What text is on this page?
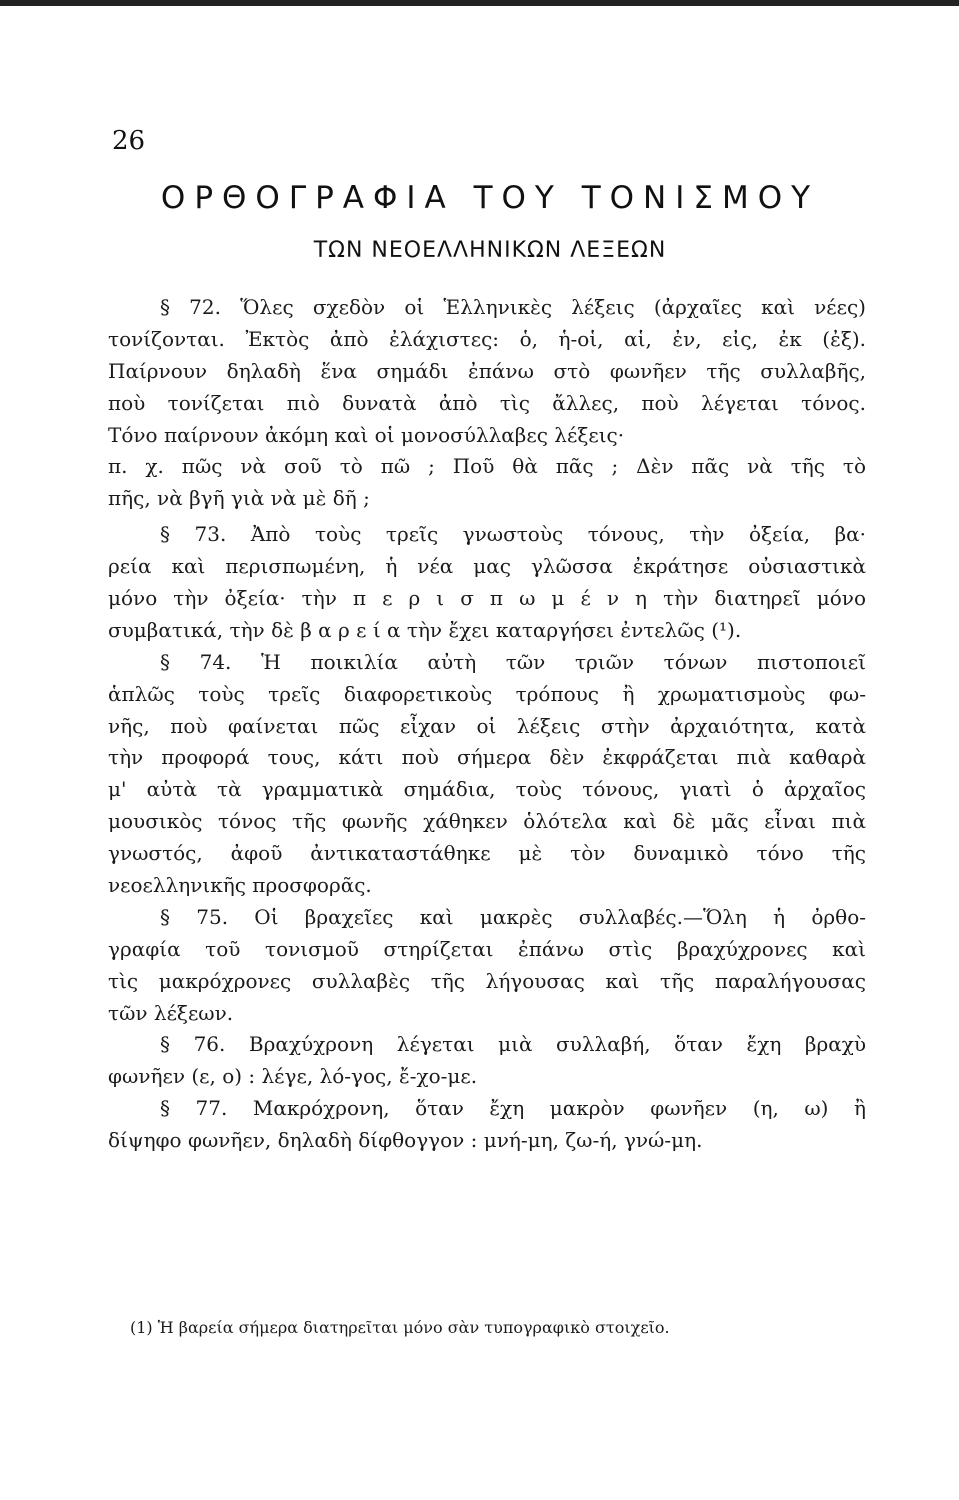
26
ΟΡΘΟΓΡΑΦΙΑ ΤΟΥ ΤΟΝΙΣΜΟΥ
ΤΩΝ ΝΕΟΕΛΛΗΝΙΚΩΝ ΛΕΞΕΩΝ
§ 72. Ὅλες σχεδὸν οἱ Ἑλληνικὲς λέξεις (ἀρχαῖες καὶ νέες)
τονίζονται. Ἐκτὸς ἀπὸ ἐλάχιστες: ὁ, ἡ-οἱ, αἱ, ἐν, εἰς, ἐκ (ἐξ).
Παίρνουν δηλαδὴ ἕνα σημάδι ἐπάνω στὸ φωνῆεν τῆς συλλαβῆς,
ποὺ τονίζεται πιὸ δυνατὰ ἀπὸ τὶς ἄλλες, ποὺ λέγεται τόνος.
Τόνο παίρνουν ἀκόμη καὶ οἱ μονοσύλλαβες λέξεις·
π. χ. πῶς νὰ σοῦ τὸ πῶ ; Ποῦ θὰ πᾶς ; Δὲν πᾶς νὰ τῆς τὸ
πῆς, νὰ βγῆ γιὰ νὰ μὲ δῆ ;
§ 73. Ἀπὸ τοὺς τρεῖς γνωστοὺς τόνους, τὴν ὀξεία, βα·
ρεία καὶ περισπωμένη, ἡ νέα μας γλῶσσα ἐκράτησε οὐσιαστικὰ
μόνο τὴν ὀξεία· τὴν π ε ρ ι σ π ω μ έ ν η τὴν διατηρεῖ μόνο
συμβατικά, τὴν δὲ β α ρ ε ί α τὴν ἔχει καταργήσει ἐντελῶς (¹).
§ 74. Ἡ ποικιλία αὐτὴ τῶν τριῶν τόνων πιστοποιεῖ
ἁπλῶς τοὺς τρεῖς διαφορετικοὺς τρόπους ἢ χρωματισμοὺς φω-
νῆς, ποὺ φαίνεται πῶς εἶχαν οἱ λέξεις στὴν ἀρχαιότητα, κατὰ
τὴν προφορά τους, κάτι ποὺ σήμερα δὲν ἐκφράζεται πιὰ καθαρὰ
μ' αὐτὰ τὰ γραμματικὰ σημάδια, τοὺς τόνους, γιατὶ ὁ ἀρχαῖος
μουσικὸς τόνος τῆς φωνῆς χάθηκεν ὁλότελα καὶ δὲ μᾶς εἶναι πιὰ
γνωστός, ἀφοῦ ἀντικαταστάθηκε μὲ τὸν δυναμικὸ τόνο τῆς
νεοελληνικῆς προσφορᾶς.
§ 75. Οἱ βραχεῖες καὶ μακρὲς συλλαβές.—Ὅλη ἡ ὀρθο-
γραφία τοῦ τονισμοῦ στηρίζεται ἐπάνω στὶς βραχύχρονες καὶ
τὶς μακρόχρονες συλλαβὲς τῆς λήγουσας καὶ τῆς παραλήγουσας
τῶν λέξεων.
§ 76. Βραχύχρονη λέγεται μιὰ συλλαβή, ὅταν ἔχη βραχὺ
φωνῆεν (ε, ο) : λέγε, λό-γος, ἔ-χο-με.
§ 77. Μακρόχρονη, ὅταν ἔχη μακρὸν φωνῆεν (η, ω) ἢ
δίψηφο φωνῆεν, δηλαδὴ δίφθογγον : μνή-μη, ζω-ή, γνώ-μη.
(1) Ἡ βαρεία σήμερα διατηρεῖται μόνο σὰν τυπογραφικὸ στοιχεῖο.
